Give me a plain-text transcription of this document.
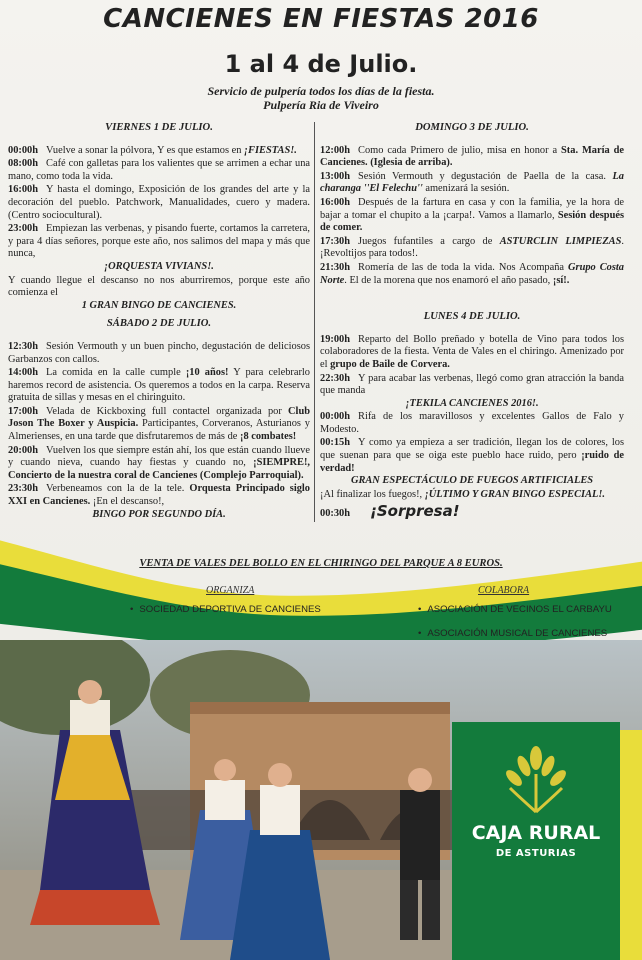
CANCIENES EN FIESTAS 2016
1 al 4 de Julio.
Servicio de pulpería todos los días de la fiesta.
Pulpería Ria de Viveiro
VIERNES 1 DE JULIO.
00:00h Vuelve a sonar la pólvora, Y es que estamos en ¡FIESTAS!.
08:00h Café con galletas para los valientes que se arrimen a echar una mano, como toda la vida.
16:00h Y hasta el domingo, Exposición de los grandes del arte y la decoración del pueblo. Patchwork, Manualidades, cuero y madera. (Centro sociocultural).
23:00h Empiezan las verbenas, y pisando fuerte, cortamos la carretera, y para 4 días señores, porque este año, nos salimos del mapa y más que nunca,
¡ORQUESTA VIVIANS!.
Y cuando llegue el descanso no nos aburriremos, porque este año comienza el
1 GRAN BINGO DE CANCIENES.
SÁBADO 2 DE JULIO.
12:30h Sesión Vermouth y un buen pincho, degustación de deliciosos Garbanzos con callos.
14:00h La comida en la calle cumple ¡10 años! Y para celebrarlo haremos record de asistencia. Os queremos a todos en la carpa. Reserva gratuita de sillas y mesas en el chiringuito.
17:00h Velada de Kickboxing full contactel organizada por Club Joson The Boxer y Auspicia. Participantes, Corveranos, Asturianos y Almerienses, en una tarde que disfrutaremos de más de ¡8 combates!
20:00h Vuelven los que siempre están ahí, los que están cuando llueve y cuando nieva, cuando hay fiestas y cuando no, ¡SIEMPRE!, Concierto de la nuestra coral de Cancienes (Complejo Parroquial).
23:30h Verbeneamos con la de la tele. Orquesta Principado siglo XXI en Cancienes. ¡En el descanso!,
BINGO POR SEGUNDO DÍA.
DOMINGO 3 DE JULIO.
12:00h Como cada Primero de julio, misa en honor a Sta. María de Cancienes. (Iglesia de arriba).
13:00h Sesión Vermouth y degustación de Paella de la casa. La charanga ''El Felechu'' amenizará la sesión.
16:00h Después de la fartura en casa y con la familia, ye la hora de bajar a tomar el chupito a la ¡carpa!. Vamos a llamarlo, Sesión después de comer.
17:30h Juegos fufantiles a cargo de ASTURCLIN LIMPIEZAS. ¡Revoltijos para todos!.
21:30h Romería de las de toda la vida. Nos Acompaña Grupo Costa Norte. El de la morena que nos enamoró el año pasado, ¡sí!.
LUNES 4 DE JULIO.
19:00h Reparto del Bollo preñado y botella de Vino para todos los colaboradores de la fiesta. Venta de Vales en el chiringo. Amenizado por el grupo de Baile de Corvera.
22:30h Y para acabar las verbenas, llegó como gran atracción la banda que manda
¡TEKILA CANCIENES 2016!.
00:00h Rifa de los maravillosos y excelentes Gallos de Falo y Modesto.
00:15h Y como ya empieza a ser tradición, llegan los de colores, los que suenan para que se oiga este pueblo hace ruido, pero ¡ruido de verdad!
GRAN ESPECTÁCULO DE FUEGOS ARTIFICIALES
¡Al finalizar los fuegos!, ¡ÚLTIMO Y GRAN BINGO ESPECIAL!.
00:30h ¡Sorpresa!
VENTA DE VALES DEL BOLLO EN EL CHIRINGO DEL PARQUE A 8 EUROS.
ORGANIZA
• SOCIEDAD DEPORTIVA DE CANCIENES
COLABORA
• ASOCIACIÓN DE VECINOS EL CARBAYU
• ASOCIACIÓN MUSICAL DE CANCIENES
•
CAJA RURAL
DE ASTURIAS
